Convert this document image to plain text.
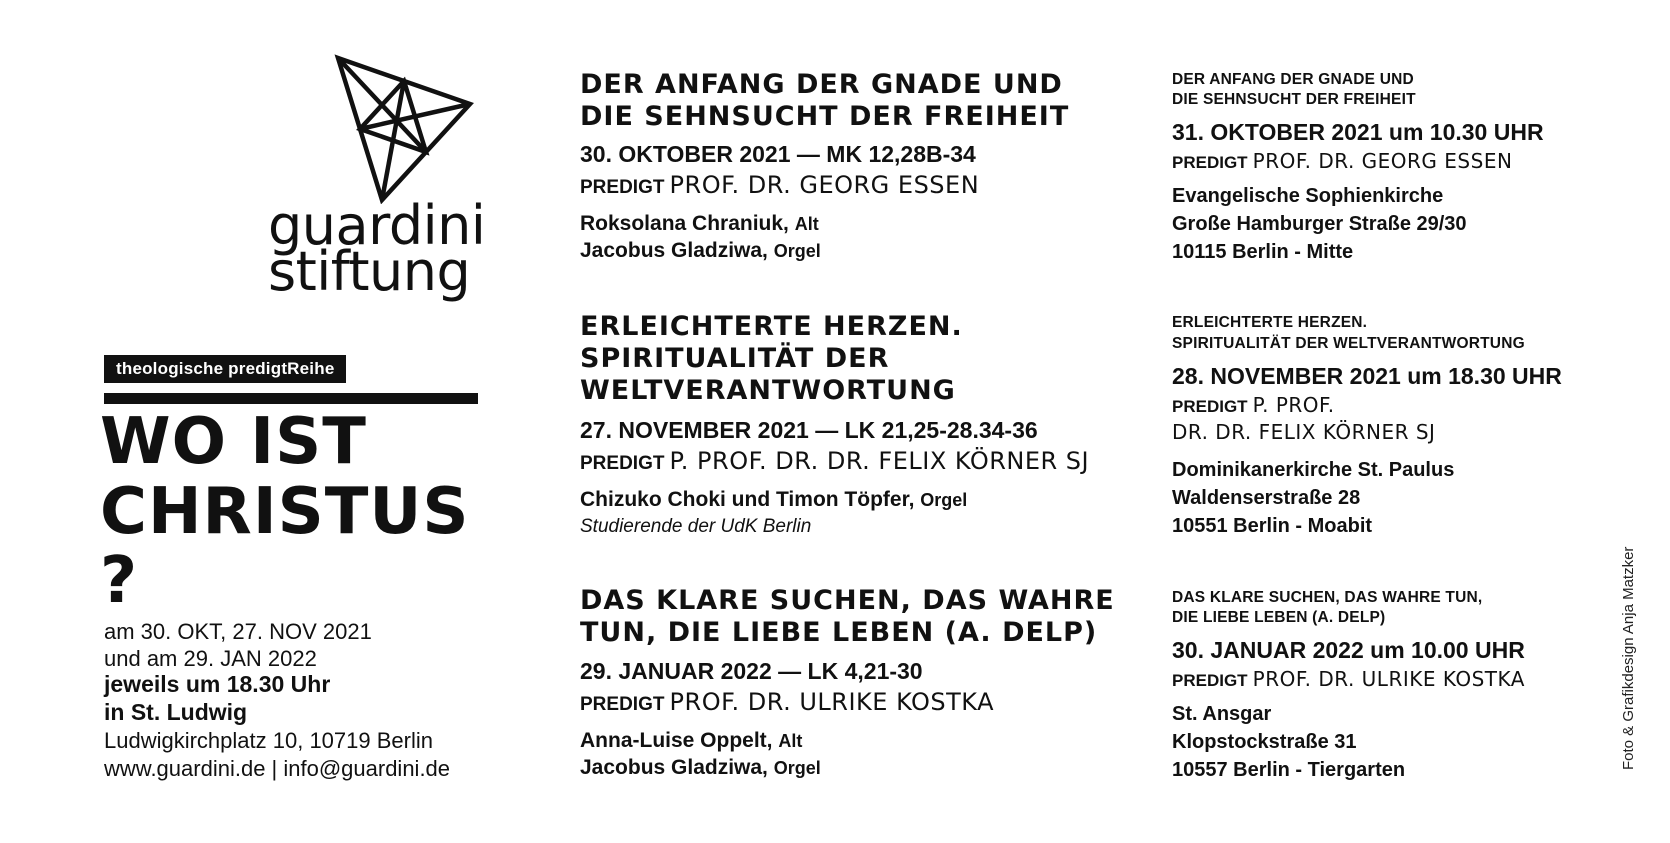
guardini
stiftung
theologische predigtReihe
WO IST
CHRISTUS
?
am 30. OKT, 27. NOV 2021
und am 29. JAN 2022
jeweils um 18.30 Uhr
in St. Ludwig
Ludwigkirchplatz 10, 10719 Berlin
www.guardini.de | info@guardini.de
DER ANFANG DER GNADE UND
DIE SEHNSUCHT DER FREIHEIT
30. OKTOBER 2021 — MK 12,28B-34
PREDIGT PROF. DR. GEORG ESSEN
Roksolana Chraniuk, Alt
Jacobus Gladziwa, Orgel
ERLEICHTERTE HERZEN.
SPIRITUALITÄT DER
WELTVERANTWORTUNG
27. NOVEMBER 2021 — LK 21,25-28.34-36
PREDIGT P. PROF. DR. DR. FELIX KÖRNER SJ
Chizuko Choki und Timon Töpfer, Orgel
Studierende der UdK Berlin
DAS KLARE SUCHEN, DAS WAHRE
TUN, DIE LIEBE LEBEN (A. DELP)
29. JANUAR 2022 — LK 4,21-30
PREDIGT PROF. DR. ULRIKE KOSTKA
Anna-Luise Oppelt, Alt
Jacobus Gladziwa, Orgel
DER ANFANG DER GNADE UND
DIE SEHNSUCHT DER FREIHEIT
31. OKTOBER 2021 um 10.30 UHR
PREDIGT PROF. DR. GEORG ESSEN
Evangelische Sophienkirche
Große Hamburger Straße 29/30
10115 Berlin - Mitte
ERLEICHTERTE HERZEN.
SPIRITUALITÄT DER WELTVERANTWORTUNG
28. NOVEMBER 2021 um 18.30 UHR
PREDIGT P. PROF.
DR. DR. FELIX KÖRNER SJ
Dominikanerkirche St. Paulus
Waldenserstraße 28
10551 Berlin - Moabit
DAS KLARE SUCHEN, DAS WAHRE TUN,
DIE LIEBE LEBEN (A. DELP)
30. JANUAR 2022 um 10.00 UHR
PREDIGT PROF. DR. ULRIKE KOSTKA
St. Ansgar
Klopstockstraße 31
10557 Berlin - Tiergarten	Foto & Grafikdesign Anja Matzker
